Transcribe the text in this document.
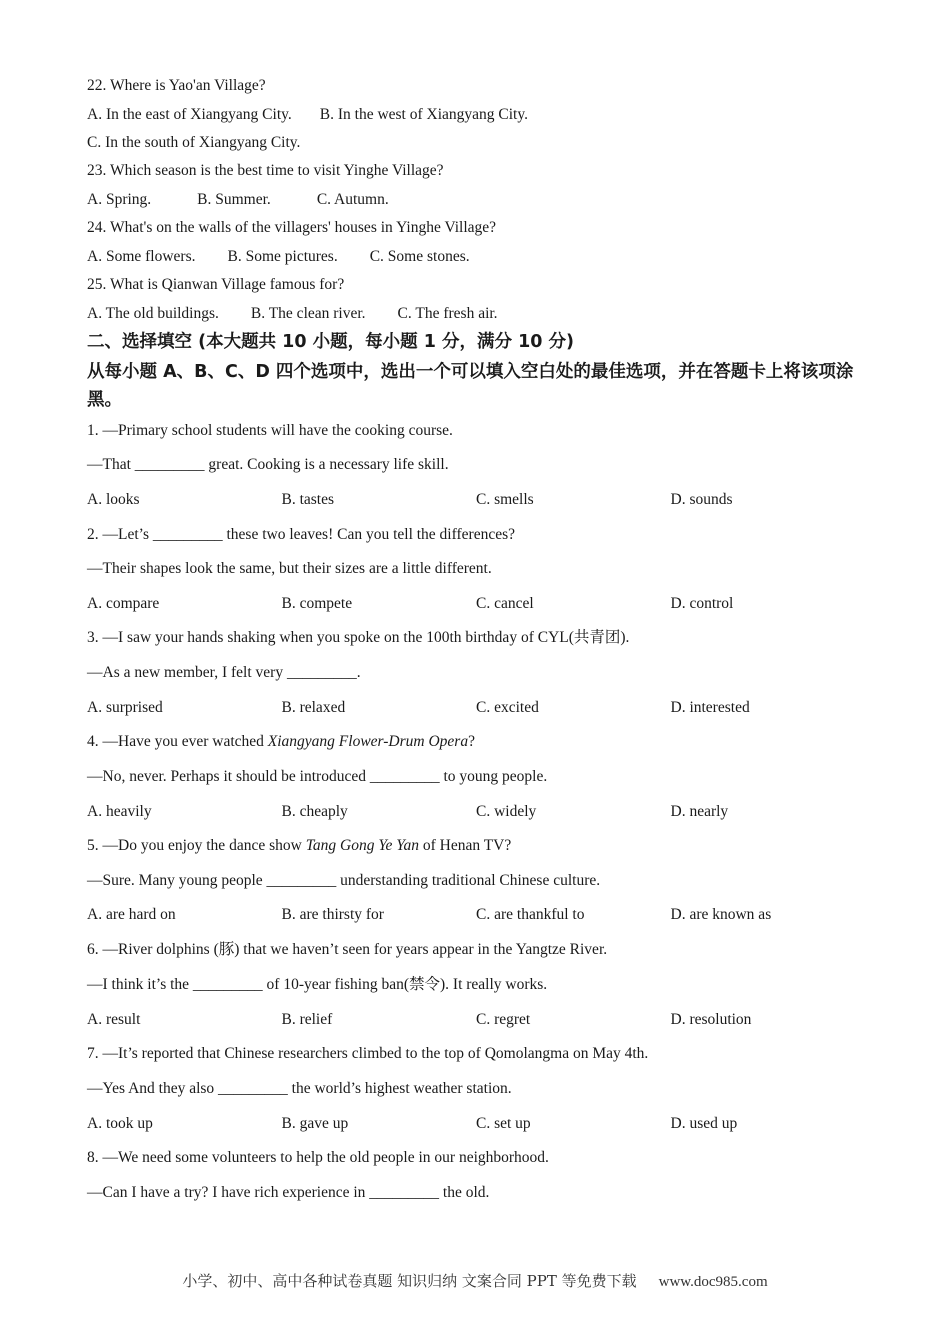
22. Where is Yao'an Village?
A. In the east of Xiangyang City. B. In the west of Xiangyang City.
C. In the south of Xiangyang City.
23. Which season is the best time to visit Yinghe Village?
A. Spring.	B. Summer.	C. Autumn.
24. What's on the walls of the villagers' houses in Yinghe Village?
A. Some flowers. B. Some pictures. C. Some stones.
25. What is Qianwan Village famous for?
A. The old buildings. B. The clean river. C. The fresh air.
二、选择填空 (本大题共 10 小题，每小题 1 分，满分 10 分)
从每小题 A、B、C、D 四个选项中，选出一个可以填入空白处的最佳选项，并在答题卡上将该项涂黑。
1. —Primary school students will have the cooking course.
—That _________ great. Cooking is a necessary life skill.
A. looks	B. tastes	C. smells	D. sounds
2. —Let’s _________ these two leaves! Can you tell the differences?
—Their shapes look the same, but their sizes are a little different.
A. compare	B. compete	C. cancel	D. control
3. —I saw your hands shaking when you spoke on the 100th birthday of CYL(共青团).
—As a new member, I felt very _________.
A. surprised	B. relaxed	C. excited	D. interested
4. —Have you ever watched Xiangyang Flower-Drum Opera?
—No, never. Perhaps it should be introduced _________ to young people.
A. heavily	B. cheaply	C. widely	D. nearly
5. —Do you enjoy the dance show Tang Gong Ye Yan of Henan TV?
—Sure. Many young people _________ understanding traditional Chinese culture.
A. are hard on	B. are thirsty for	C. are thankful to	D. are known as
6. —River dolphins (豚) that we haven’t seen for years appear in the Yangtze River.
—I think it’s the _________ of 10-year fishing ban(禁令). It really works.
A. result	B. relief	C. regret	D. resolution
7. —It’s reported that Chinese researchers climbed to the top of Qomolangma on May 4th.
—Yes And they also _________ the world’s highest weather station.
A. took up	B. gave up	C. set up	D. used up
8. —We need some volunteers to help the old people in our neighborhood.
—Can I have a try? I have rich experience in _________ the old.
小学、初中、高中各种试卷真题 知识归纳 文案合同 PPT 等免费下载 www.doc985.com
